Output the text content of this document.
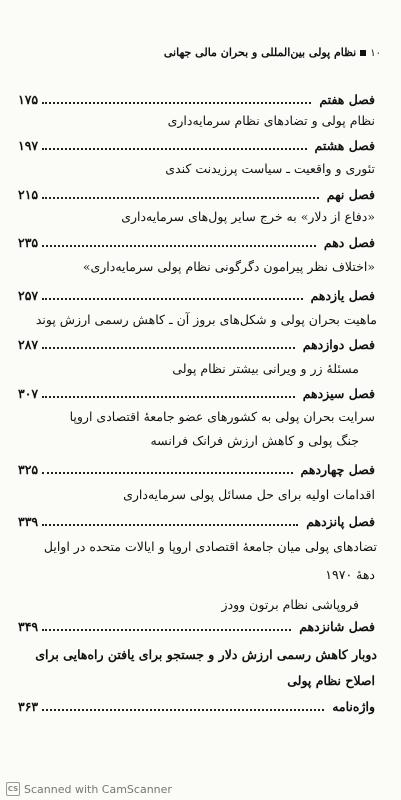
۱۰نظام پولی بین‌المللی و بحران مالی جهانی
فصل هفتم
۱۷۵
نظام پولی و تضادهای نظام سرمایه‌داری
فصل هشتم
۱۹۷
تئوری و واقعیت ـ سیاست پرزیدنت کندی
فصل نهم
۲۱۵
«دفاع از دلار» به خرج سایر پول‌های سرمایه‌داری
فصل دهم
۲۳۵
«اختلاف نظر پیرامون دگرگونی نظام پولی سرمایه‌داری»
فصل یازدهم
۲۵۷
ماهیت بحران پولی و شکل‌های بروز آن ـ کاهش رسمی ارزش پوند
فصل دوازدهم
۲۸۷
مسئلهٔ زر و ویرانی بیشتر نظام پولی
فصل سیزدهم
۳۰۷
سرایت بحران پولی به کشورهای عضو جامعهٔ اقتصادی اروپا
جنگ پولی و کاهش ارزش فرانک فرانسه
فصل چهاردهم
۳۲۵
اقدامات اولیه برای حل مسائل پولی سرمایه‌داری
فصل پانزدهم
۳۳۹
تضادهای پولی میان جامعهٔ اقتصادی اروپا و ایالات متحده در اوایل
دههٔ ۱۹۷۰
فروپاشی نظام برتون وودز
فصل شانزدهم
۳۴۹
دوبار کاهش رسمی ارزش دلار و جستجو برای یافتن راه‌هایی برای
اصلاح نظام پولی
واژه‌نامه
۳۶۳
CS Scanned with CamScanner
